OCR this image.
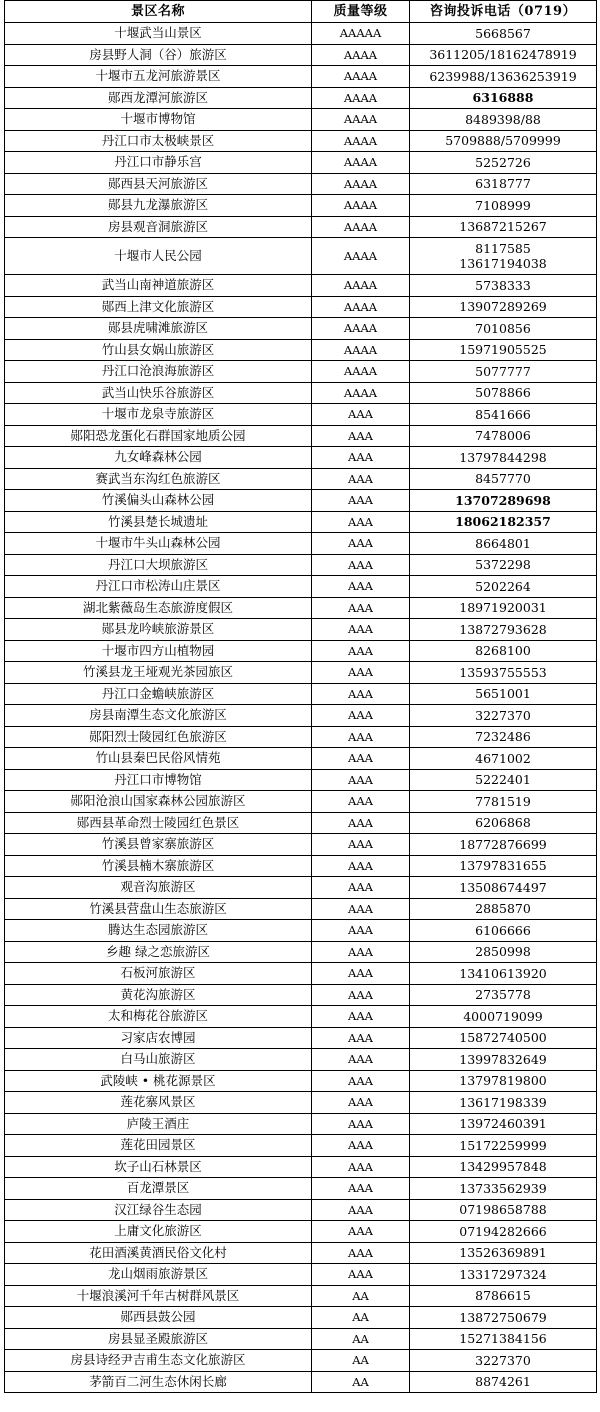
景区名称	质量等级	咨询投诉电话（0719）
十堰武当山景区	AAAAA	5668567

房县野人洞（谷）旅游区	AAAA	3611205/18162478919

十堰市五龙河旅游景区	AAAA	6239988/13636253919

郧西龙潭河旅游区	AAAA	6316888

十堰市博物馆	AAAA	8489398/88

丹江口市太极峡景区	AAAA	5709888/5709999

丹江口市静乐宫	AAAA	5252726

郧西县天河旅游区	AAAA	6318777

郧县九龙瀑旅游区	AAAA	7108999

房县观音洞旅游区	AAAA	13687215267

十堰市人民公园	AAAA	8117585
13617194038

武当山南神道旅游区	AAAA	5738333

郧西上津文化旅游区	AAAA	13907289269

郧县虎啸滩旅游区	AAAA	7010856

竹山县女娲山旅游区	AAAA	15971905525

丹江口沧浪海旅游区	AAAA	5077777

武当山快乐谷旅游区	AAAA	5078866

十堰市龙泉寺旅游区	AAA	8541666

郧阳恐龙蛋化石群国家地质公园	AAA	7478006

九女峰森林公园	AAA	13797844298

赛武当东沟红色旅游区	AAA	8457770

竹溪偏头山森林公园	AAA	13707289698

竹溪县楚长城遗址	AAA	18062182357

十堰市牛头山森林公园	AAA	8664801

丹江口大坝旅游区	AAA	5372298

丹江口市松涛山庄景区	AAA	5202264

湖北紫薇岛生态旅游度假区	AAA	18971920031

郧县龙吟峡旅游景区	AAA	13872793628

十堰市四方山植物园	AAA	8268100

竹溪县龙王垭观光茶园旅区	AAA	13593755553

丹江口金蟾峡旅游区	AAA	5651001

房县南潭生态文化旅游区	AAA	3227370

郧阳烈士陵园红色旅游区	AAA	7232486

竹山县秦巴民俗风情苑	AAA	4671002

丹江口市博物馆	AAA	5222401

郧阳沧浪山国家森林公园旅游区	AAA	7781519

郧西县革命烈士陵园红色景区	AAA	6206868

竹溪县曾家寨旅游区	AAA	18772876699

竹溪县楠木寨旅游区	AAA	13797831655

观音沟旅游区	AAA	13508674497

竹溪县营盘山生态旅游区	AAA	2885870

腾达生态园旅游区	AAA	6106666

乡趣 绿之恋旅游区	AAA	2850998

石板河旅游区	AAA	13410613920

黄花沟旅游区	AAA	2735778

太和梅花谷旅游区	AAA	4000719099

习家店农博园	AAA	15872740500

白马山旅游区	AAA	13997832649

武陵峡 • 桃花源景区	AAA	13797819800

莲花寨风景区	AAA	13617198339

庐陵王酒庄	AAA	13972460391

莲花田园景区	AAA	15172259999

坎子山石林景区	AAA	13429957848

百龙潭景区	AAA	13733562939

汉江绿谷生态园	AAA	07198658788

上庸文化旅游区	AAA	07194282666

花田酒溪黄酒民俗文化村	AAA	13526369891

龙山烟雨旅游景区	AAA	13317297324

十堰浪溪河千年古树群风景区	AA	8786615

郧西县鼓公园	AA	13872750679

房县显圣殿旅游区	AA	15271384156

房县诗经尹吉甫生态文化旅游区	AA	3227370

茅箭百二河生态休闲长廊	AA	8874261
